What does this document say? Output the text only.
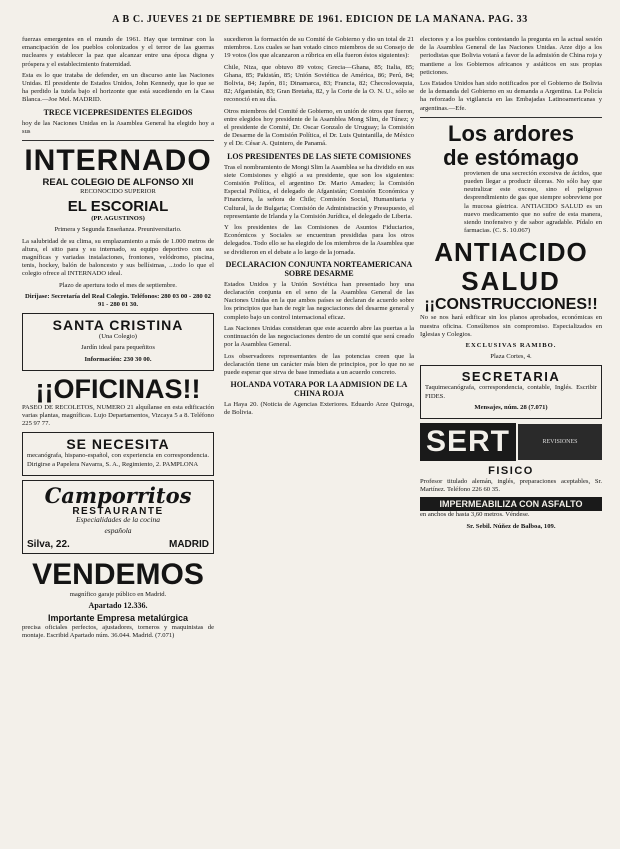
A B C. JUEVES 21 DE SEPTIEMBRE DE 1961. EDICION DE LA MAÑANA. PAG. 33

fuerzas emergentes en el mundo de 1961. Hay que terminar con la emancipación de los pueblos colonizados y el terror de las guerras nucleares y establecer la paz que alcanzar entre una época digna y próspera y el establecimiento fraternidad.

Esta es lo que trataba de defender, en un discurso ante las Naciones Unidas. El presidente de Estados Unidos, John Kennedy, que lo que se ha perdido la tutela bajo el horizonte que está sucediendo en la Casa Blanca.—Joe Mel. MADRID.

TRECE VICEPRESIDENTES ELEGIDOS

hoy de las Naciones Unidas en la Asamblea General ha elegido hoy a sus

INTERNADO

REAL COLEGIO DE ALFONSO XII

RECONOCIDO SUPERIOR

EL ESCORIAL

(PP. AGUSTINOS)

Primera y Segunda Enseñanza. Preuniversitario.

La salubridad de su clima, su emplazamiento a más de 1.000 metros de altura, el sitio para y su internado, su equipo deportivo con sus magníficas y variadas instalaciones, frontones, velódromo, piscina, tenis, hockey, balón de baloncesto y sus bellísimas, ...todo lo que el colegio ofrece al INTERNADO ideal.

Plazo de apertura todo el mes de septiembre.

Diríjase: Secretaría del Real Colegio. Teléfonos: 280 03 00 - 280 02 91 - 280 01 30.

SANTA CRISTINA

(Una Colegio)

Jardín ideal para pequeñitos

Información: 230 30 00.

¡¡OFICINAS!!

PASEO DE RECOLETOS, NUMERO 21 alquílanse en esta edificación varias plantas, magníficas. Lujo Departamentos, Vizcaya 5 a 8. Teléfono 225 97 77.

SE NECESITA

mecanógrafa, hispano-español, con experiencia en correspondencia. Dirigirse a Papelera Navarra, S. A., Regimiento, 2. PAMPLONA

Camporritos

RESTAURANTE

Especialidades de la cocina

española

Silva, 22.	MADRID

VENDEMOS

magnífico garaje público en Madrid.

Apartado 12.336.

Importante Empresa metalúrgica

precisa oficiales perfectos, ajustadores, torneros y maquinistas de montaje. Escribid Apartado núm. 36.044. Madrid. (7.071)

sucedieron la formación de su Comité de Gobierno y dio un total de 21 miembros. Los cuales se han votado cinco miembros de su Consejo de 19 votos (los que alcanzaron a rúbrica en ella fueron éstos siguientes):

Chile, Niza, que obtuvo 89 votos; Grecia—Ghana, 85; Italia, 85; Ghana, 85; Pakistán, 85; Unión Soviética de América, 86; Perú, 84; Bolivia, 84; Japón, 81; Dinamarca, 83; Francia, 82; Checoslovaquia, 82; Afganistán, 83; Gran Bretaña, 82, y la Corte de la O. N. U., sólo se reconoció en su día.

Otros miembros del Comité de Gobierno, en unión de otros que fueron, entre elegidos hoy presidente de la Asamblea Mong Slim, de Túnez; y el presidente de Comité, Dr. Oscar Gonzalo de Uruguay; la Comisión de Desarme de la Comisión Política, el Dr. Luis Quintanilla, de México y el Dr. César A. Quintero, de Panamá.

LOS PRESIDENTES DE LAS SIETE COMISIONES

Tras el nombramiento de Mongi Slim la Asamblea se ha dividido en sus siete Comisiones y eligió a su presidente, que son los siguientes: Comisión Política, el argentino Dr. Mario Amadeo; la Comisión Especial Política, el delegado de Afganistán; Comisión Económica y Financiera, la señora de Chile; Comisión Social, Humanitaria y Cultural, la de Bulgaria; Comisión de Administración y Presupuesto, el representante de Irlanda y la Comisión Jurídica, el delegado de Liberia.

Y los presidentes de las Comisiones de Asuntos Fiduciarios, Económicos y Sociales se encuentran presididas para los otros delegados. Todo ello se ha elegido de los miembros de la Asamblea que se dividieron en el debate a lo largo de la jornada.

DECLARACION CONJUNTA NORTEAMERICANA SOBRE DESARME

Estados Unidos y la Unión Soviética han presentado hoy una declaración conjunta en el seno de la Asamblea General de las Naciones Unidas en la que ambos países se declaran de acuerdo sobre los principios que han de regir las negociaciones del desarme general y completo bajo un control internacional eficaz.

Las Naciones Unidas consideran que este acuerdo abre las puertas a la continuación de las negociaciones dentro de un comité que será creado por la Asamblea General.

Los observadores representantes de las potencias creen que la declaración tiene un carácter más bien de principios, por lo que no se puede esperar que sirva de base inmediata a un acuerdo concreto.

HOLANDA VOTARA POR LA ADMISION DE LA CHINA ROJA

La Haya 20. (Noticia de Agencias Exteriores. Eduardo Arze Quiroga, de Bolivia.

electores y a los pueblos contestando la pregunta en la actual sesión de la Asamblea General de las Naciones Unidas. Arze dijo a los periodistas que Bolivia votará a favor de la admisión de China roja y mantiene a los Gobiernos africanos y asiáticos en sus propias peticiones.

Los Estados Unidos han sido notificados por el Gobierno de Bolivia de la demanda del Gobierno en su demanda a Argentina. La Policía ha reforzado la vigilancia en las Embajadas Latinoamericanas y argentinas.—Efe.

Los ardores

de estómago

provienen de una secreción excesiva de ácidos, que pueden llegar a producir úlceras. No sólo hay que neutralizar este exceso, sino el peligroso desprendimiento de gas que siempre sobreviene por la mucosa gástrica. ANTIACIDO SALUD es un nuevo medicamento que no sufre de esta manera, siendo inofensivo y de sabor agradable. Pídalo en farmacias. (C. S. 10.067)

ANTIACIDO

SALUD

¡¡CONSTRUCCIONES!!

No se nos hará edificar sin los planos aprobados, económicas en nuestra oficina. Consúltenos sin compromiso. Especializados en Iglesias y Colegios.

EXCLUSIVAS RAMIBO.

Plaza Cortes, 4.

SECRETARIA

Taquimecanógrafa, correspondencia, contable, Inglés. Escribir FIDES.

Mensajes, núm. 28 (7.071)

SERT	REVISIONES

FISICO

Profesor titulado alemán, inglés, preparaciones aceptables, Sr. Martínez. Teléfono 226 60 35.

IMPERMEABILIZA CON ASFALTO

en anchos de hasta 3,60 metros. Véndese.

Sr. Sebil. Núñez de Balboa, 109.
